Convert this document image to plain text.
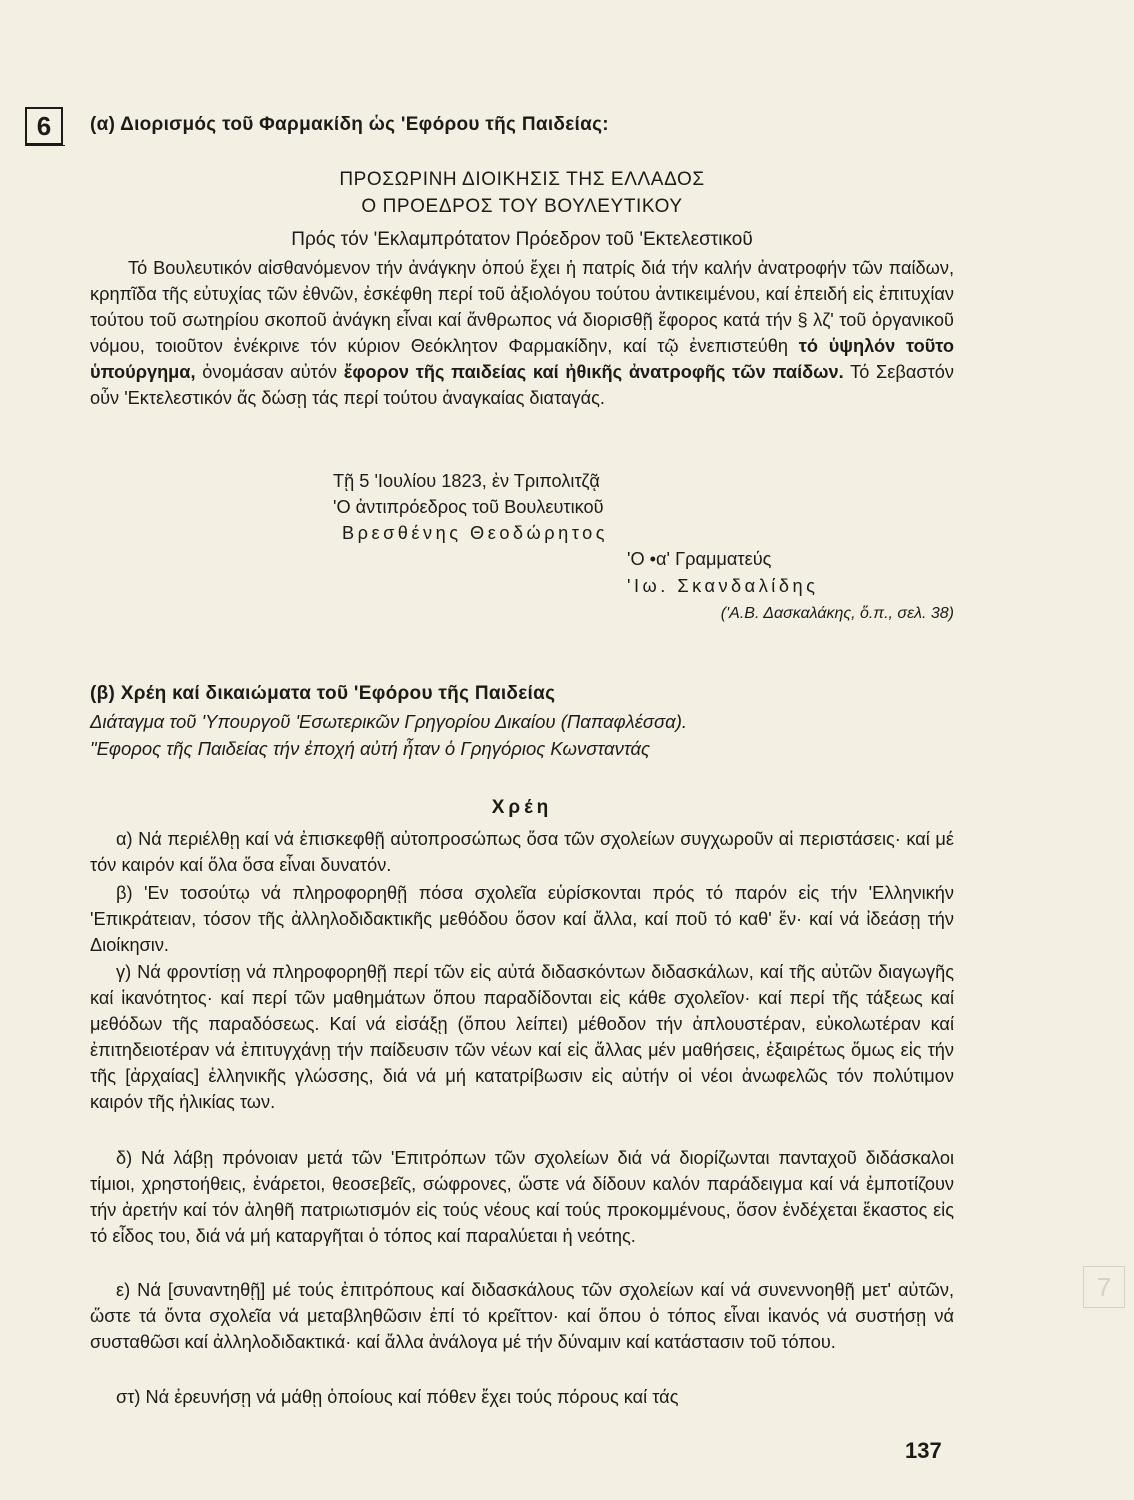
6
7
(α) Διορισμός τοῦ Φαρμακίδη ὡς 'Εφόρου τῆς Παιδείας:
ΠΡΟΣΩΡΙΝΗ ΔΙΟΙΚΗΣΙΣ ΤΗΣ ΕΛΛΑΔΟΣ
Ο ΠΡΟΕΔΡΟΣ ΤΟΥ ΒΟΥΛΕΥΤΙΚΟΥ
Πρός τόν 'Εκλαμπρότατον Πρόεδρον τοῦ 'Εκτελεστικοῦ

Τό Βουλευτικόν αἰσθανόμενον τήν ἀνάγκην ὁπού ἔχει ἡ πατρίς διά τήν καλήν ἀνατροφήν τῶν παίδων, κρηπῖδα τῆς εὐτυχίας τῶν ἐθνῶν, ἐσκέφθη περί τοῦ ἀξιολόγου τούτου ἀντικειμένου, καί ἐπειδή εἰς ἐπιτυχίαν τούτου τοῦ σωτηρίου σκοποῦ ἀνάγκη εἶναι καί ἄνθρωπος νά διορισθῇ ἔφορος κατά τήν § λζ' τοῦ ὀργανικοῦ νόμου, τοιοῦτον ἐνέκρινε τόν κύριον Θεόκλητον Φαρμακίδην, καί τῷ ἐνεπιστεύθη τό ὑψηλόν τοῦτο ὑπούργημα, ὀνομάσαν αὐτόν ἔφορον τῆς παιδείας καί ἠθικῆς ἀνατροφῆς τῶν παίδων. Τό Σεβαστόν οὖν 'Εκτελεστικόν ἄς δώσῃ τάς περί τούτου ἀναγκαίας διαταγάς.

Τῇ 5 'Ιουλίου 1823, ἐν Τριπολιτζᾷ
'Ο ἀντιπρόεδρος τοῦ Βουλευτικοῦ
Βρεσθένης Θεοδώρητος
'Ο •α' Γραμματεύς
'Ιω. Σκανδαλίδης
('Α.Β. Δασκαλάκης, ὅ.π., σελ. 38)
(β) Χρέη καί δικαιώματα τοῦ 'Εφόρου τῆς Παιδείας
Διάταγμα τοῦ 'Υπουργοῦ 'Εσωτερικῶν Γρηγορίου Δικαίου (Παπαφλέσσα).
"Εφορος τῆς Παιδείας τήν ἐποχή αὐτή ἦταν ὁ Γρηγόριος Κωνσταντάς
Χρέη

α) Νά περιέλθῃ καί νά ἐπισκεφθῇ αὐτοπροσώπως ὅσα τῶν σχολείων συγχωροῦν αἱ περιστάσεις· καί μέ τόν καιρόν καί ὅλα ὅσα εἶναι δυνατόν.

β) 'Εν τοσούτῳ νά πληροφορηθῇ πόσα σχολεῖα εὑρίσκονται πρός τό παρόν εἰς τήν 'Ελληνικήν 'Επικράτειαν, τόσον τῆς ἀλληλοδιδακτικῆς μεθόδου ὅσον καί ἄλλα, καί ποῦ τό καθ' ἕν· καί νά ἰδεάσῃ τήν Διοίκησιν.

γ) Νά φροντίσῃ νά πληροφορηθῇ περί τῶν εἰς αὐτά διδασκόντων διδασκάλων, καί τῆς αὐτῶν διαγωγῆς καί ἱκανότητος· καί περί τῶν μαθημάτων ὅπου παραδίδονται εἰς κάθε σχολεῖον· καί περί τῆς τάξεως καί μεθόδων τῆς παραδόσεως. Καί νά εἰσάξῃ (ὅπου λείπει) μέθοδον τήν ἀπλουστέραν, εὐκολωτέραν καί ἐπιτηδειοτέραν νά ἐπιτυγχάνῃ τήν παίδευσιν τῶν νέων καί εἰς ἄλλας μέν μαθήσεις, ἐξαιρέτως ὅμως εἰς τήν τῆς [ἀρχαίας] ἑλληνικῆς γλώσσης, διά νά μή κατατρίβωσιν εἰς αὐτήν οἱ νέοι ἀνωφελῶς τόν πολύτιμον καιρόν τῆς ἡλικίας των.

δ) Νά λάβῃ πρόνοιαν μετά τῶν 'Επιτρόπων τῶν σχολείων διά νά διορίζωνται πανταχοῦ διδάσκαλοι τίμιοι, χρηστοήθεις, ἐνάρετοι, θεοσεβεῖς, σώφρονες, ὥστε νά δίδουν καλόν παράδειγμα καί νά ἐμποτίζουν τήν ἀρετήν καί τόν ἀληθῆ πατριωτισμόν εἰς τούς νέους καί τούς προκομμένους, ὅσον ἐνδέχεται ἕκαστος εἰς τό εἶδος του, διά νά μή καταργῆται ὁ τόπος καί παραλύεται ἡ νεότης.

ε) Νά [συναντηθῇ] μέ τούς ἐπιτρόπους καί διδασκάλους τῶν σχολείων καί νά συνεννοηθῇ μετ' αὐτῶν, ὥστε τά ὄντα σχολεῖα νά μεταβληθῶσιν ἐπί τό κρεῖττον· καί ὅπου ὁ τόπος εἶναι ἱκανός νά συστήσῃ νά συσταθῶσι καί ἀλληλοδιδακτικά· καί ἄλλα ἀνάλογα μέ τήν δύναμιν καί κατάστασιν τοῦ τόπου.

στ) Νά ἐρευνήσῃ νά μάθῃ ὁποίους καί πόθεν ἔχει τούς πόρους καί τάς

137
